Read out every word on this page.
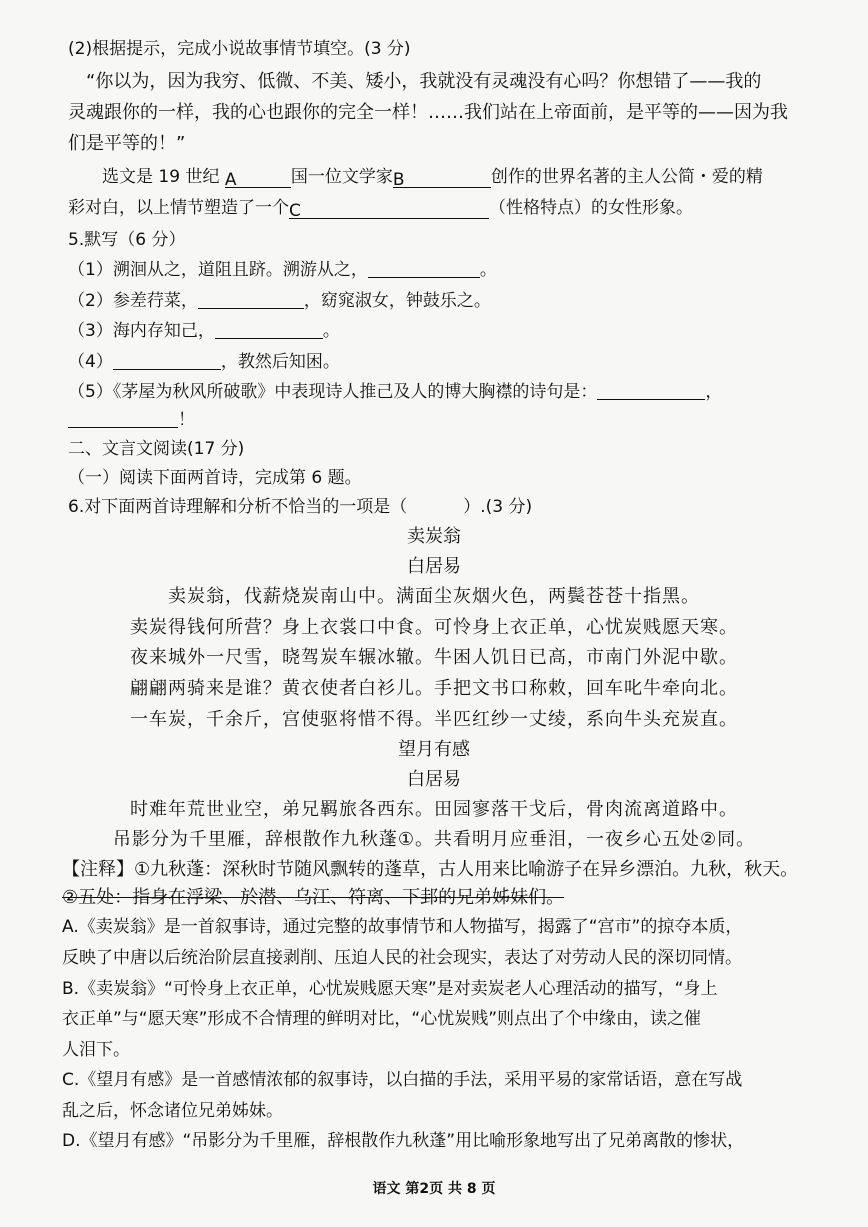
(2)根据提示，完成小说故事情节填空。(3 分)
“你以为，因为我穷、低微、不美、矮小，我就没有灵魂没有心吗？你想错了——我的
灵魂跟你的一样，我的心也跟你的完全一样！……我们站在上帝面前，是平等的——因为我
们是平等的！”
选文是 19 世纪 A	国一位文学家B	创作的世界名著的主人公简・爱的精
彩对白，以上情节塑造了一个C	（性格特点）的女性形象。
5.默写（6 分）
（1）溯洄从之，道阻且跻。溯游从之，	。
（2）参差荇菜，	，窈窕淑女，钟鼓乐之。
（3）海内存知己，	。
（4）	，教然后知困。
（5）《茅屋为秋风所破歌》中表现诗人推己及人的博大胸襟的诗句是：	，
！
二、文言文阅读(17 分)
（一）阅读下面两首诗，完成第 6 题。
6.对下面两首诗理解和分析不恰当的一项是（	）.(3 分)
卖炭翁
白居易
卖炭翁，伐薪烧炭南山中。满面尘灰烟火色，两鬓苍苍十指黑。
卖炭得钱何所营？身上衣裳口中食。可怜身上衣正单，心忧炭贱愿天寒。
夜来城外一尺雪，晓驾炭车辗冰辙。牛困人饥日已高，市南门外泥中歇。
翩翩两骑来是谁？黄衣使者白衫儿。手把文书口称敕，回车叱牛牵向北。
一车炭，千余斤，宫使驱将惜不得。半匹红纱一丈绫，系向牛头充炭直。
望月有感
白居易
时难年荒世业空，弟兄羁旅各西东。田园寥落干戈后，骨肉流离道路中。
吊影分为千里雁，辞根散作九秋蓬①。共看明月应垂泪，一夜乡心五处②同。
【注释】①九秋蓬：深秋时节随风飘转的蓬草，古人用来比喻游子在异乡漂泊。九秋，秋天。
②五处：指身在浮梁、於潜、乌江、符离、下邽的兄弟姊妹们。
A.《卖炭翁》是一首叙事诗，通过完整的故事情节和人物描写，揭露了“宫市”的掠夺本质，
反映了中唐以后统治阶层直接剥削、压迫人民的社会现实，表达了对劳动人民的深切同情。
B.《卖炭翁》“可怜身上衣正单，心忧炭贱愿天寒”是对卖炭老人心理活动的描写，“身上
衣正单”与“愿天寒”形成不合情理的鲜明对比，“心忧炭贱”则点出了个中缘由，读之催
人泪下。
C.《望月有感》是一首感情浓郁的叙事诗，以白描的手法，采用平易的家常话语，意在写战
乱之后，怀念诸位兄弟姊妹。
D.《望月有感》“吊影分为千里雁，辞根散作九秋蓬”用比喻形象地写出了兄弟离散的惨状，
语文 第2页 共 8 页
